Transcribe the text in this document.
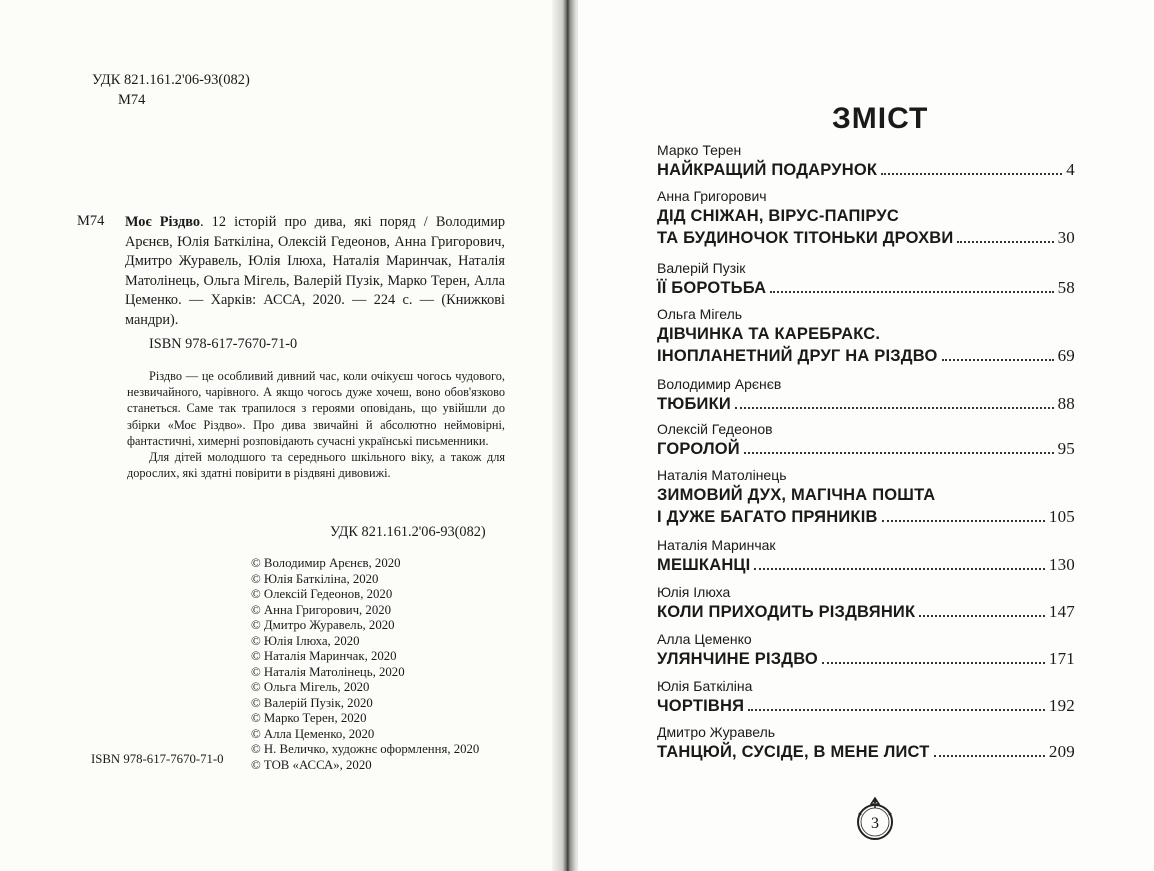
УДК 821.161.2'06-93(082)
М74
М74 Моє Різдво. 12 історій про дива, які поряд / Володимир Арєнєв, Юлія Баткіліна, Олексій Гедеонов, Анна Григорович, Дмитро Журавель, Юлія Ілюха, Наталія Маринчак, Наталія Матолінець, Ольга Мігель, Валерій Пузік, Марко Терен, Алла Цеменко. — Харків: АССА, 2020. — 224 с. — (Книжкові мандри).
ISBN 978-617-7670-71-0

Різдво — це особливий дивний час, коли очікуєш чогось чудового, незвичайного, чарівного. А якщо чогось дуже хочеш, воно обов'язково станеться. Саме так трапилося з героями оповідань, що увійшли до збірки «Моє Різдво». Про дива звичайні й абсолютно неймовірні, фантастичні, химерні розповідають сучасні українські письменники.

Для дітей молодшого та середнього шкільного віку, а також для дорослих, які здатні повірити в різдвяні дивовижі.

УДК 821.161.2'06-93(082)
© Володимир Арєнєв, 2020
© Юлія Баткіліна, 2020
© Олексій Гедеонов, 2020
© Анна Григорович, 2020
© Дмитро Журавель, 2020
© Юлія Ілюха, 2020
© Наталія Маринчак, 2020
© Наталія Матолінець, 2020
© Ольга Мігель, 2020
© Валерій Пузік, 2020
© Марко Терен, 2020
© Алла Цеменко, 2020
© Н. Величко, художнє оформлення, 2020
© ТОВ «АССА», 2020
ISBN 978-617-7670-71-0
ЗМІСТ
Марко Терен
НАЙКРАЩИЙ ПОДАРУНОК	4
Анна Григорович
ДІД СНІЖАН, ВІРУС-ПАПІРУС
ТА БУДИНОЧОК ТІТОНЬКИ ДРОХВИ	30
Валерій Пузік
ЇЇ БОРОТЬБА	58
Ольга Мігель
ДІВЧИНКА ТА КАРЕБРАКС.
ІНОПЛАНЕТНИЙ ДРУГ НА РІЗДВО	69
Володимир Арєнєв
ТЮБИКИ	88
Олексій Гедеонов
ГОРОЛОЙ	95
Наталія Матолінець
ЗИМОВИЙ ДУХ, МАГІЧНА ПОШТА
І ДУЖЕ БАГАТО ПРЯНИКІВ	105
Наталія Маринчак
МЕШКАНЦІ	130
Юлія Ілюха
КОЛИ ПРИХОДИТЬ РІЗДВЯНИК	147
Алла Цеменко
УЛЯНЧИНЕ РІЗДВО	171
Юлія Баткіліна
ЧОРТІВНЯ	192
Дмитро Журавель
ТАНЦЮЙ, СУСІДЕ, В МЕНЕ ЛИСТ	209
3
